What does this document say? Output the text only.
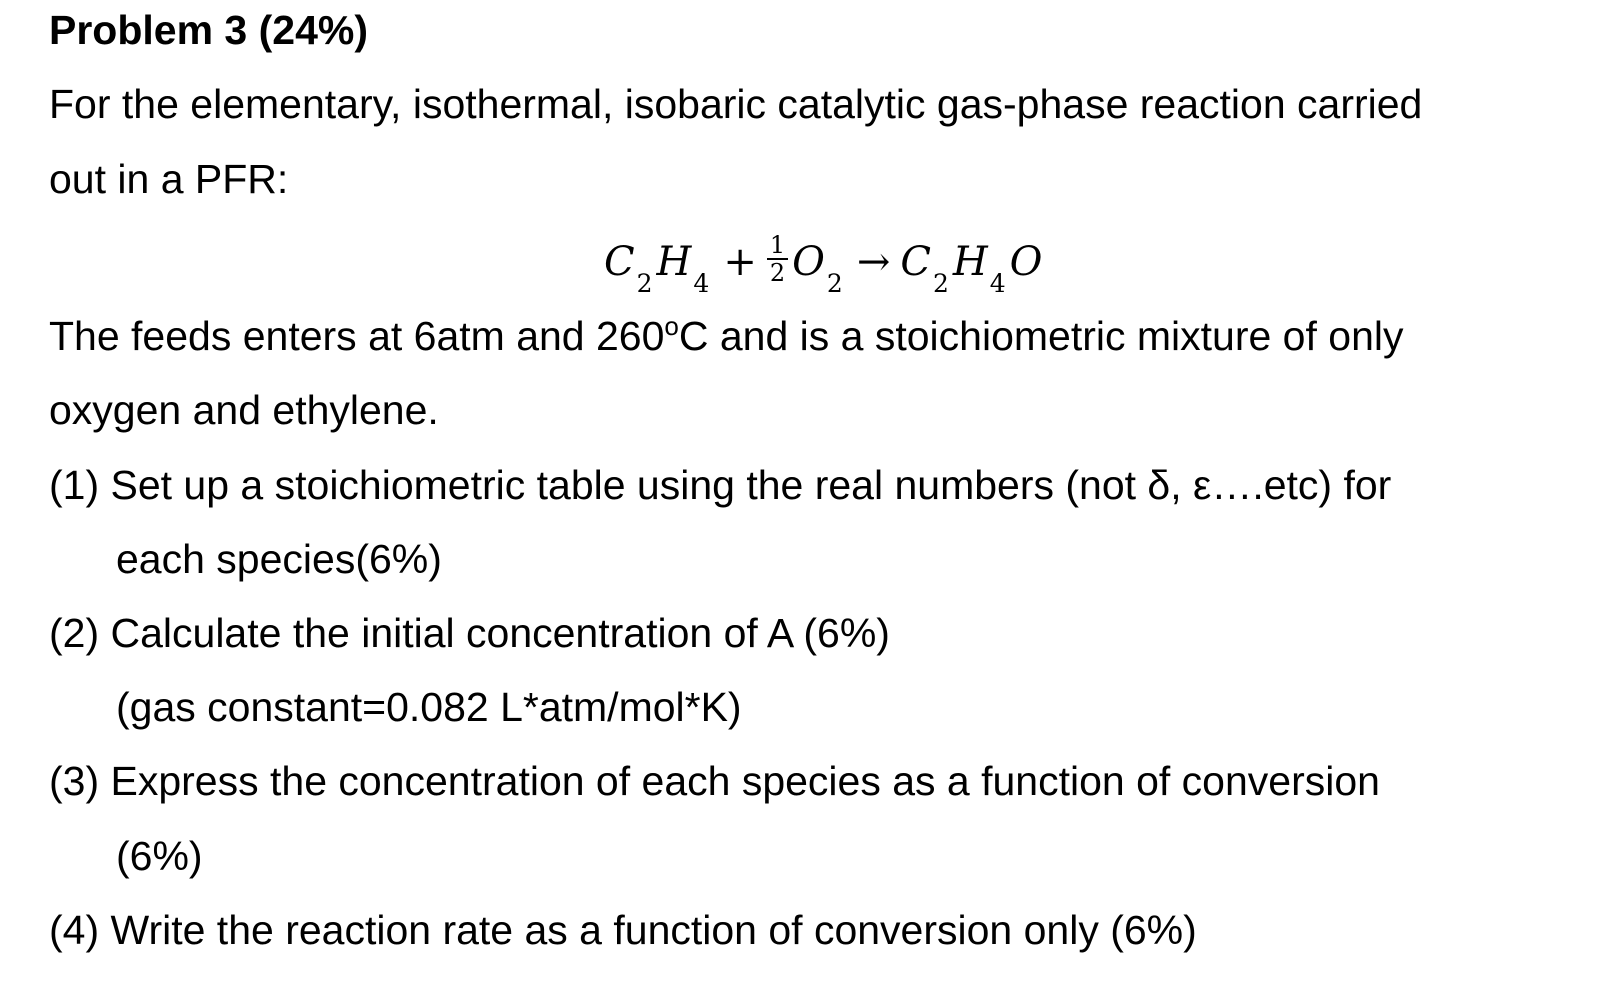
Problem 3 (24%)
For the elementary, isothermal, isobaric catalytic gas-phase reaction carried
out in a PFR:
$C_2$ $H_4 + \frac{1}{2} O_2 \to C_2$ $H_4$ O
The feeds enters at 6atm and 260$^o$C and is a stoichiometric mixture of only
oxygen and ethylene.
(1) Set up a stoichiometric table using the real numbers (not δ, ε….etc) for
each species(6%)
(2) Calculate the initial concentration of A (6%)
(gas constant=0.082 L*atm/mol*K)
(3) Express the concentration of each species as a function of conversion
(6%)
(4) Write the reaction rate as a function of conversion only (6%)
